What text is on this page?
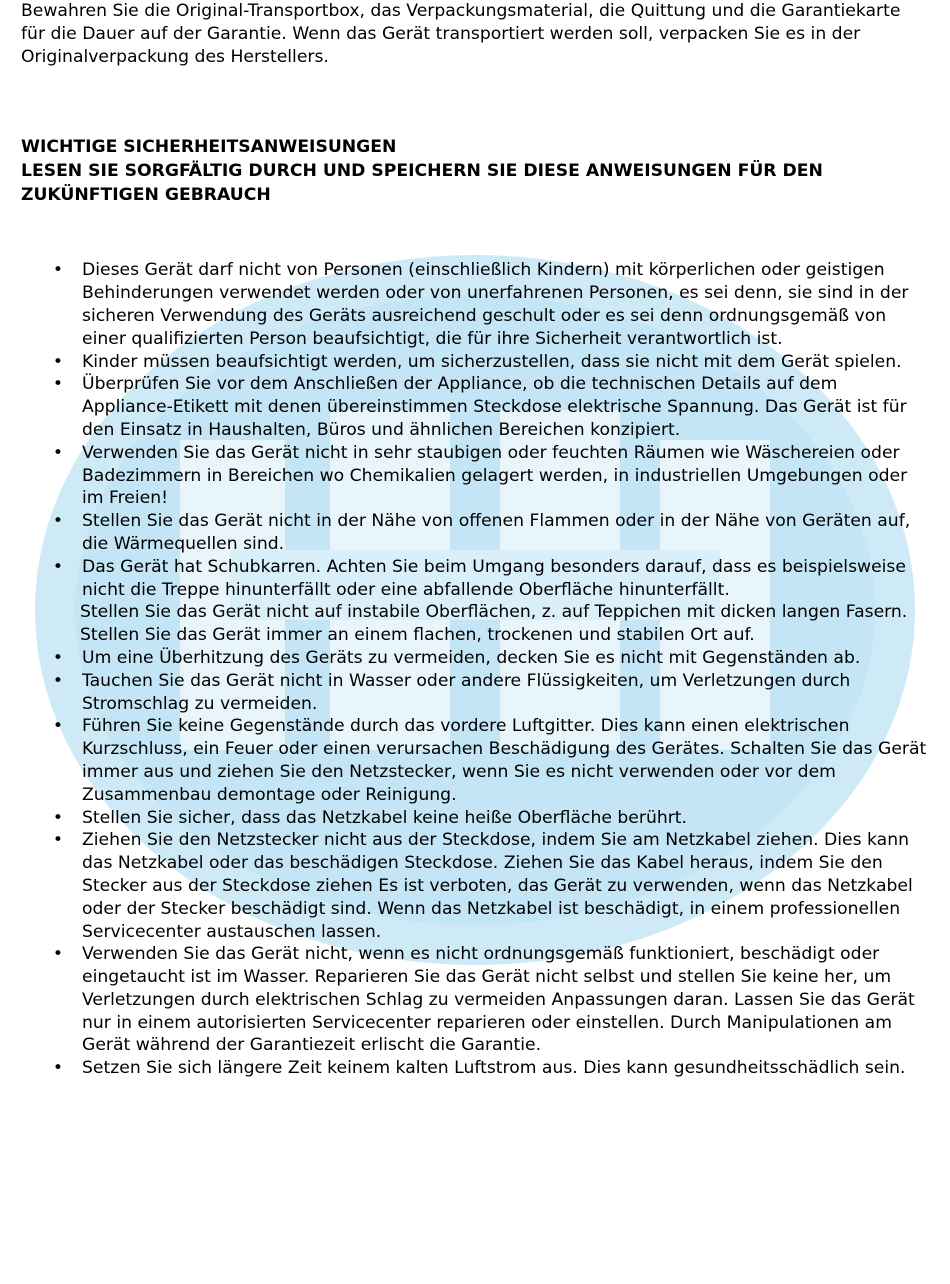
Bewahren Sie die Original-Transportbox, das Verpackungsmaterial, die Quittung und die Garantiekarte für die Dauer auf der Garantie. Wenn das Gerät transportiert werden soll, verpacken Sie es in der Originalverpackung des Herstellers.

WICHTIGE SICHERHEITSANWEISUNGEN
LESEN SIE SORGFÄLTIG DURCH UND SPEICHERN SIE DIESE ANWEISUNGEN FÜR DEN ZUKÜNFTIGEN GEBRAUCH
• Dieses Gerät darf nicht von Personen (einschließlich Kindern) mit körperlichen oder geistigen Behinderungen verwendet werden oder von unerfahrenen Personen, es sei denn, sie sind in der sicheren Verwendung des Geräts ausreichend geschult oder es sei denn ordnungsgemäß von einer qualifizierten Person beaufsichtigt, die für ihre Sicherheit verantwortlich ist.
• Kinder müssen beaufsichtigt werden, um sicherzustellen, dass sie nicht mit dem Gerät spielen.
• Überprüfen Sie vor dem Anschließen der Appliance, ob die technischen Details auf dem Appliance-Etikett mit denen übereinstimmen Steckdose elektrische Spannung. Das Gerät ist für den Einsatz in Haushalten, Büros und ähnlichen Bereichen konzipiert.
• Verwenden Sie das Gerät nicht in sehr staubigen oder feuchten Räumen wie Wäschereien oder Badezimmern in Bereichen wo Chemikalien gelagert werden, in industriellen Umgebungen oder im Freien!
• Stellen Sie das Gerät nicht in der Nähe von offenen Flammen oder in der Nähe von Geräten auf, die Wärmequellen sind.
• Das Gerät hat Schubkarren. Achten Sie beim Umgang besonders darauf, dass es beispielsweise nicht die Treppe hinunterfällt oder eine abfallende Oberfläche hinunterfällt.
Stellen Sie das Gerät nicht auf instabile Oberflächen, z. auf Teppichen mit dicken langen Fasern. Stellen Sie das Gerät immer an einem flachen, trockenen und stabilen Ort auf.
• Um eine Überhitzung des Geräts zu vermeiden, decken Sie es nicht mit Gegenständen ab.
• Tauchen Sie das Gerät nicht in Wasser oder andere Flüssigkeiten, um Verletzungen durch Stromschlag zu vermeiden.
• Führen Sie keine Gegenstände durch das vordere Luftgitter. Dies kann einen elektrischen Kurzschluss, ein Feuer oder einen verursachen Beschädigung des Gerätes. Schalten Sie das Gerät immer aus und ziehen Sie den Netzstecker, wenn Sie es nicht verwenden oder vor dem Zusammenbau demontage oder Reinigung.
• Stellen Sie sicher, dass das Netzkabel keine heiße Oberfläche berührt.
• Ziehen Sie den Netzstecker nicht aus der Steckdose, indem Sie am Netzkabel ziehen. Dies kann das Netzkabel oder das beschädigen Steckdose. Ziehen Sie das Kabel heraus, indem Sie den Stecker aus der Steckdose ziehen Es ist verboten, das Gerät zu verwenden, wenn das Netzkabel oder der Stecker beschädigt sind. Wenn das Netzkabel ist beschädigt, in einem professionellen Servicecenter austauschen lassen.
• Verwenden Sie das Gerät nicht, wenn es nicht ordnungsgemäß funktioniert, beschädigt oder eingetaucht ist im Wasser. Reparieren Sie das Gerät nicht selbst und stellen Sie keine her, um Verletzungen durch elektrischen Schlag zu vermeiden Anpassungen daran. Lassen Sie das Gerät nur in einem autorisierten Servicecenter reparieren oder einstellen. Durch Manipulationen am Gerät während der Garantiezeit erlischt die Garantie.
• Setzen Sie sich längere Zeit keinem kalten Luftstrom aus. Dies kann gesundheitsschädlich sein.
